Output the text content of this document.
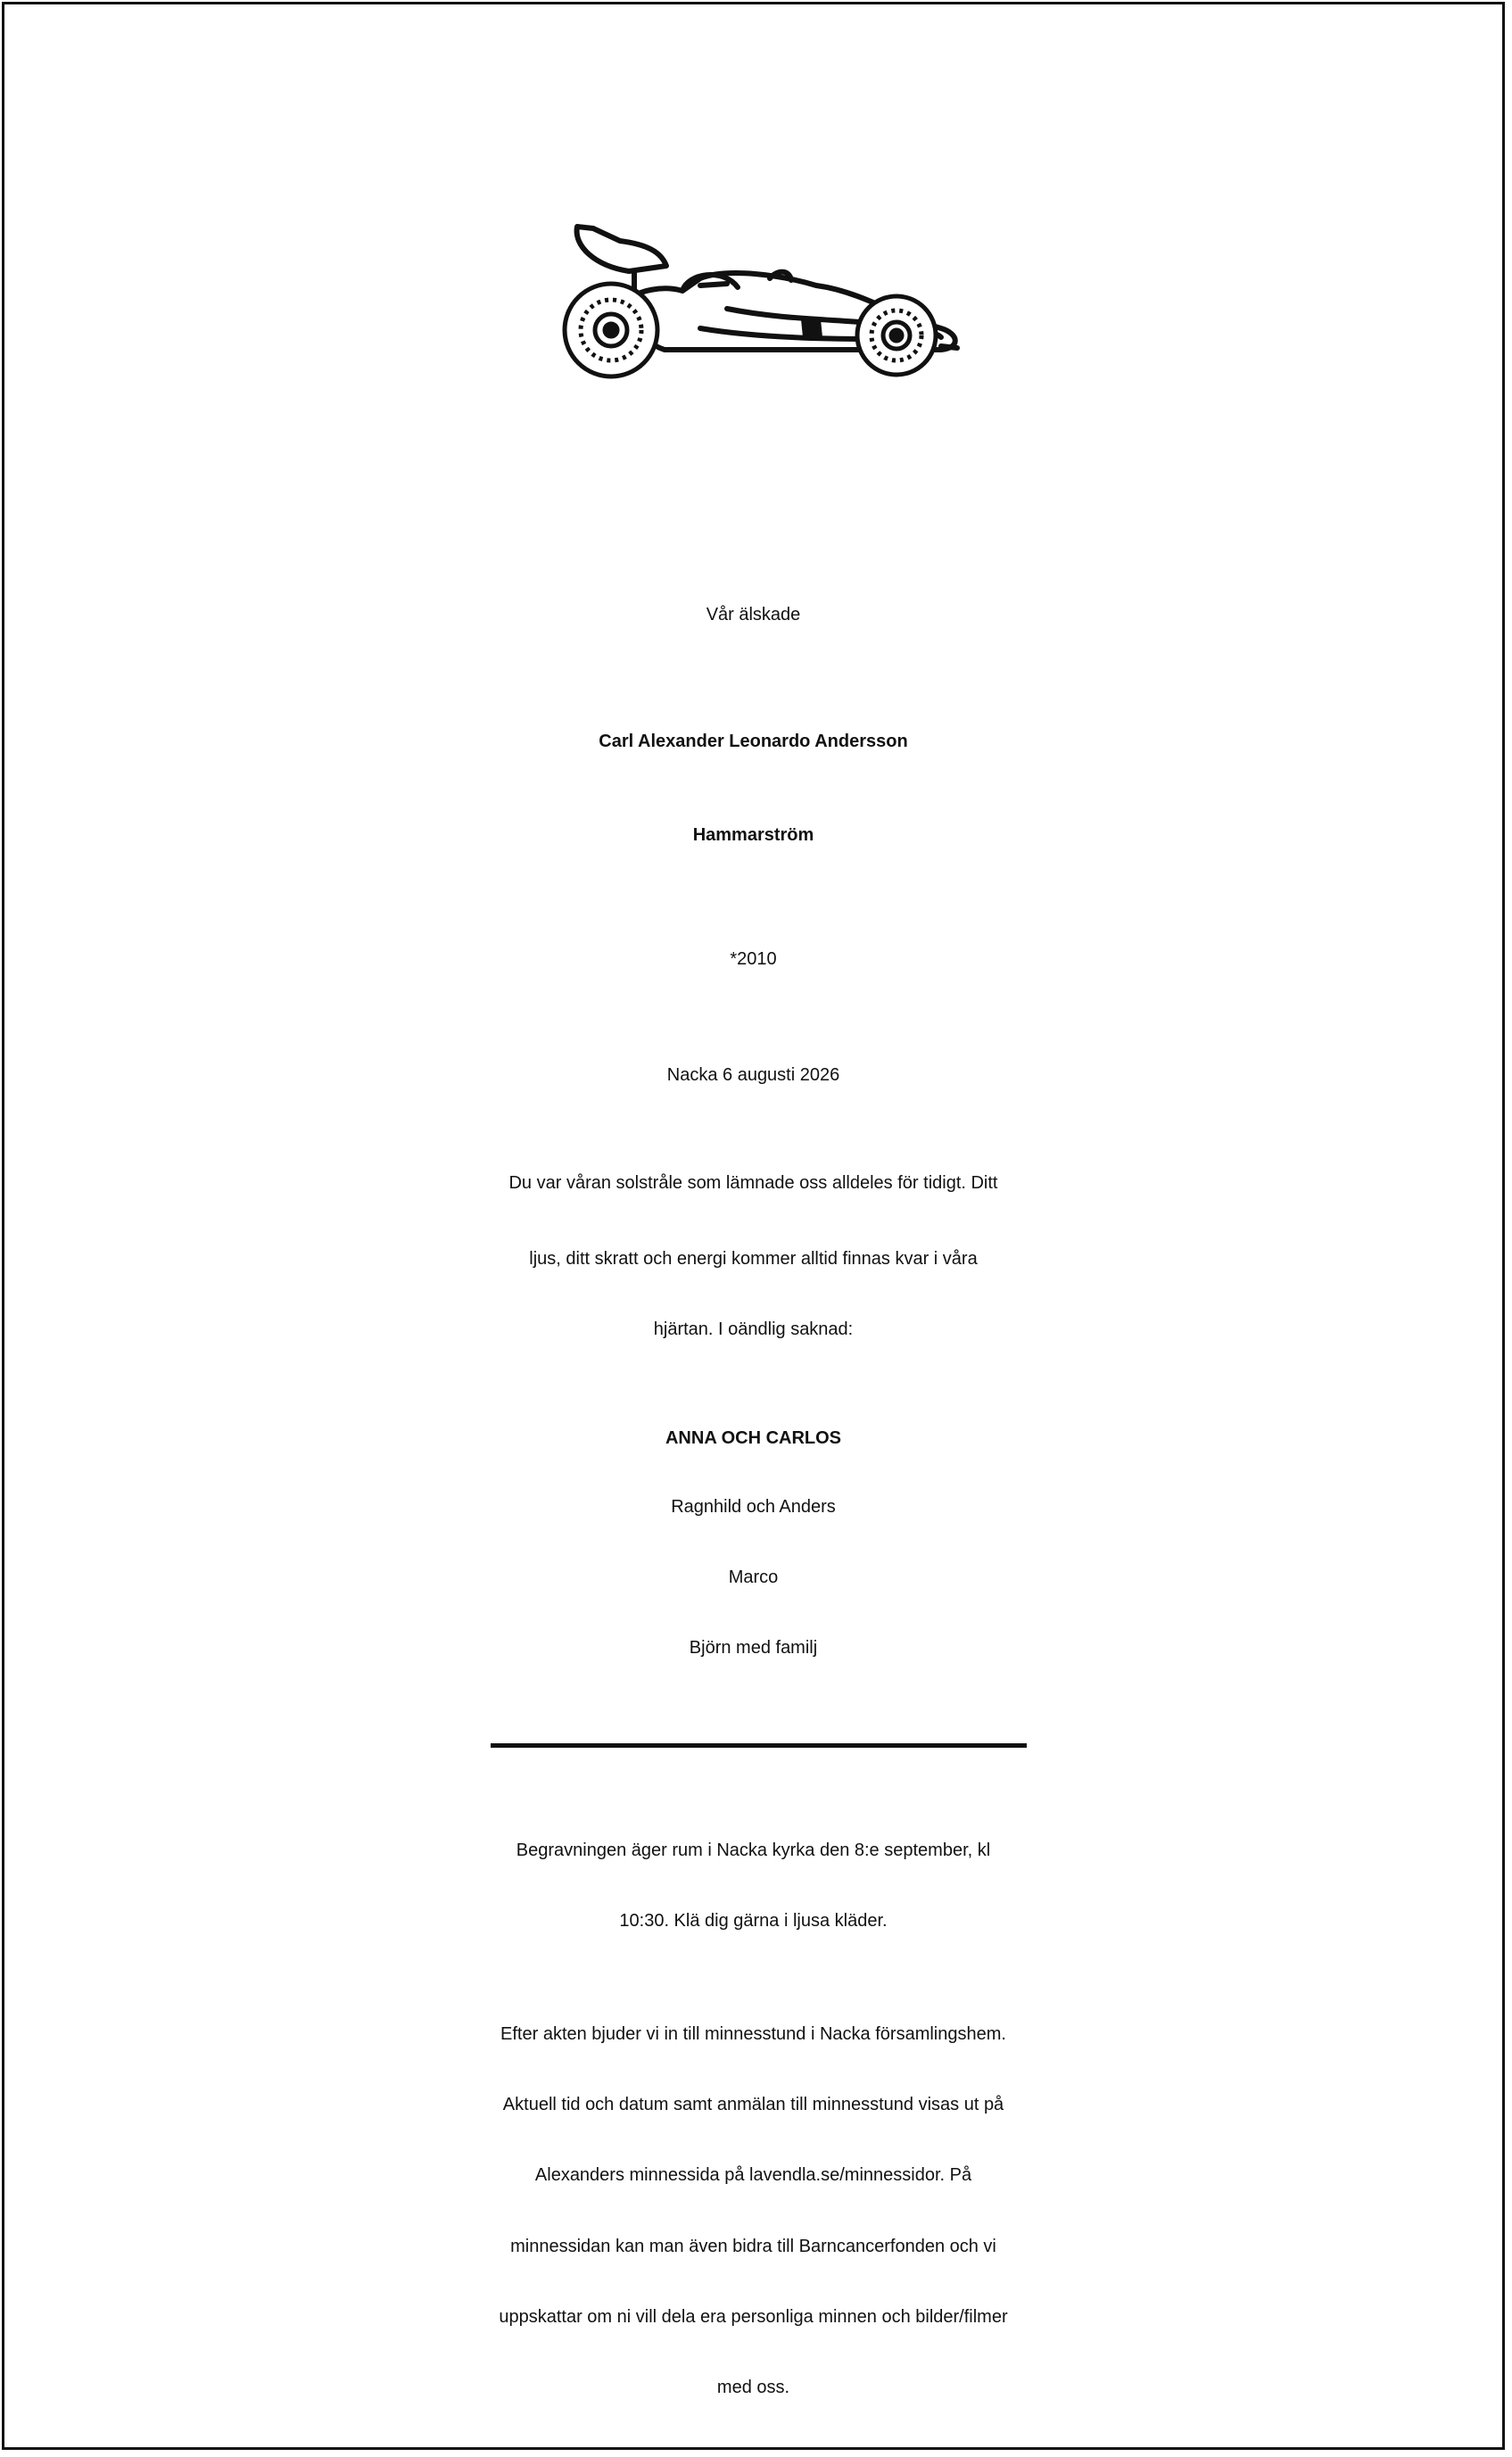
Vår älskade
Carl Alexander Leonardo Andersson
Hammarström
*2010
Nacka 6 augusti 2026
Du var våran solstråle som lämnade oss alldeles för tidigt. Ditt
ljus, ditt skratt och energi kommer alltid finnas kvar i våra
hjärtan. I oändlig saknad:
ANNA OCH CARLOS
Ragnhild och Anders
Marco
Björn med familj
Begravningen äger rum i Nacka kyrka den 8:e september, kl
10:30. Klä dig gärna i ljusa kläder.
Efter akten bjuder vi in till minnesstund i Nacka församlingshem.
Aktuell tid och datum samt anmälan till minnesstund visas ut på
Alexanders minnessida på lavendla.se/minnessidor. På
minnessidan kan man även bidra till Barncancerfonden och vi
uppskattar om ni vill dela era personliga minnen och bilder/filmer
med oss.
